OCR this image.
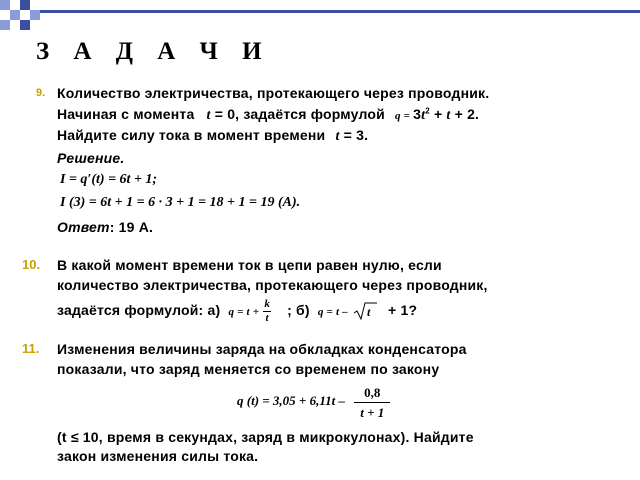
З А Д А Ч И
9. Количество электричества, протекающего через проводник.
Начиная с момента t = 0, задаётся формулой $q = 3t^2 + t + 2$.
Найдите силу тока в момент времени t = 3.
Решение.
I = q′(t) = 6t + 1;
I (3) = 6t + 1 = 6 · 3 + 1 = 18 + 1 = 19 (А).
Ответ: 19 А.
10. В какой момент времени ток в цепи равен нулю, если
количество электричества, протекающего через проводник,
задаётся формулой: а) $q = t + \frac{k}{t}$ ; б) q = t – t + 1?
11. Изменения величины заряда на обкладках конденсатора
показали, что заряд меняется со временем по закону
q $(t) = 3,05 + 6,11t - \frac{0,8}{t + 1}$
(t ≤ 10, время в секундах, заряд в микрокулонах). Найдите
закон изменения силы тока.
